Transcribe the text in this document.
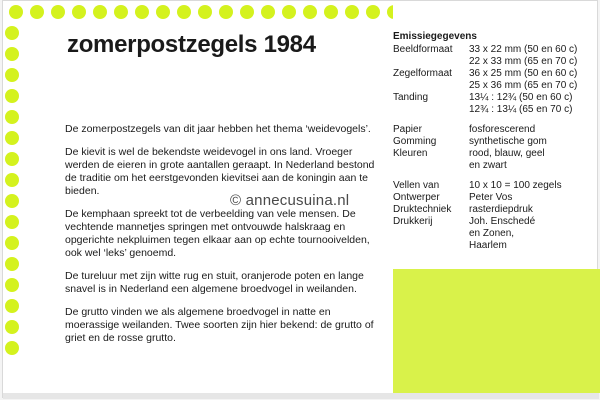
zomerpostzegels 1984

De zomerpostzegels van dit jaar hebben het thema ‘weidevogels’.

De kievit is wel de bekendste weidevogel in ons land. Vroeger werden de eieren in grote aantallen geraapt. In Nederland bestond de traditie om het eerstgevonden kievitsei aan de koningin aan te bieden.

De kemphaan spreekt tot de verbeelding van vele mensen. De vechtende mannetjes springen met ontvouwde halskraag en opgerichte nekpluimen tegen elkaar aan op echte tournooivelden, ook wel ‘leks’ genoemd.

De tureluur met zijn witte rug en stuit, oranjerode poten en lange snavel is in Nederland een algemene broedvogel in weilanden.

De grutto vinden we als algemene broedvogel in natte en moerassige weilanden. Twee soorten zijn hier bekend: de grutto of griet en de rosse grutto.

© annecusuina.nl
Emissiegegevens
Beeldformaat	33 x 22 mm (50 en 60 c)
22 x 33 mm (65 en 70 c)
Zegelformaat	36 x 25 mm (50 en 60 c)
25 x 36 mm (65 en 70 c)
Tanding	13¼ : 12¾ (50 en 60 c)
12¾ : 13¼ (65 en 70 c)
Papier	fosforescerend
Gomming	synthetische gom
Kleuren	rood, blauw, geel
en zwart
Vellen van	10 x 10 = 100 zegels
Ontwerper	Peter Vos
Druktechniek	rasterdiepdruk
Drukkerij	Joh. Enschedé
en Zonen,
Haarlem
